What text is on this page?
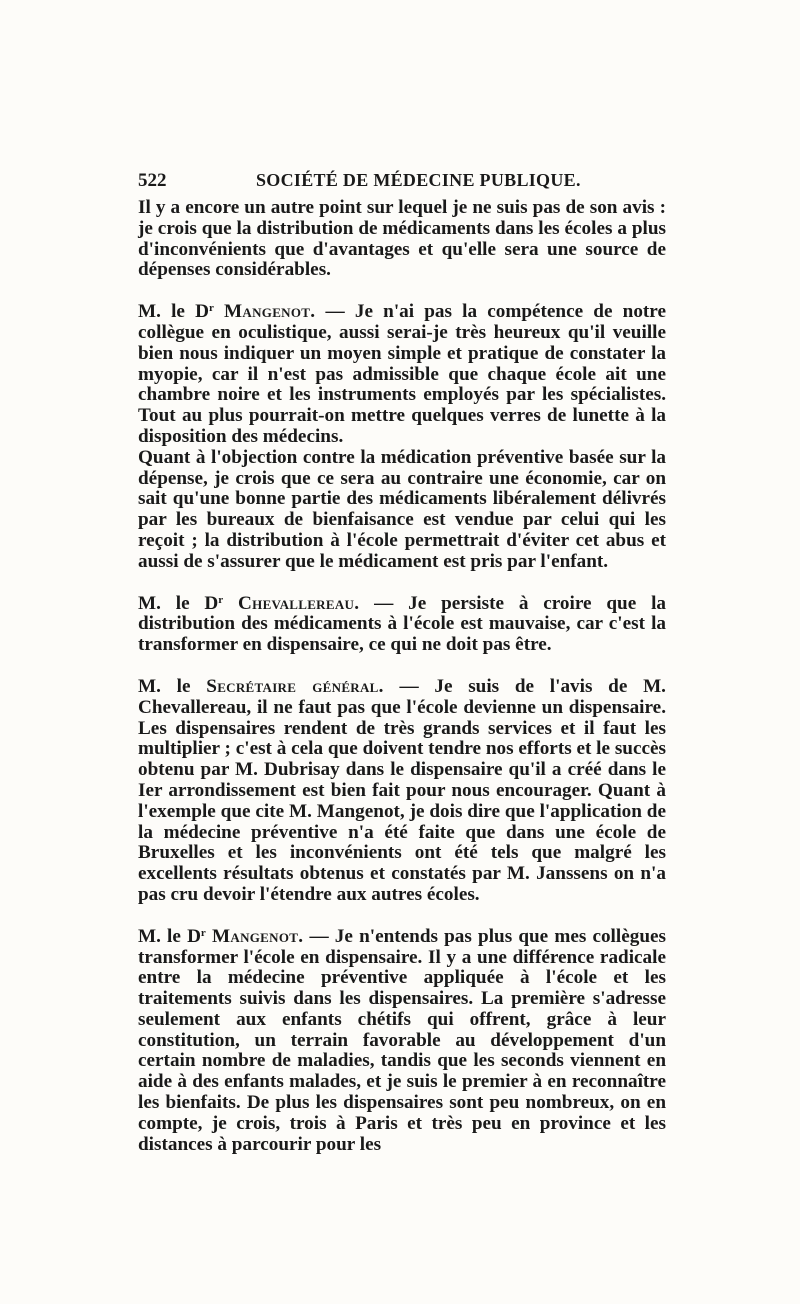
522	SOCIÉTÉ DE MÉDECINE PUBLIQUE.

Il y a encore un autre point sur lequel je ne suis pas de son avis : je crois que la distribution de médicaments dans les écoles a plus d'inconvénients que d'avantages et qu'elle sera une source de dépenses considérables.

M. le $D^r$ Mangenot. — Je n'ai pas la compétence de notre collègue en oculistique, aussi serai-je très heureux qu'il veuille bien nous indiquer un moyen simple et pratique de constater la myopie, car il n'est pas admissible que chaque école ait une chambre noire et les instruments employés par les spécialistes. Tout au plus pourrait-on mettre quelques verres de lunette à la disposition des médecins.

Quant à l'objection contre la médication préventive basée sur la dépense, je crois que ce sera au contraire une économie, car on sait qu'une bonne partie des médicaments libéralement délivrés par les bureaux de bienfaisance est vendue par celui qui les reçoit ; la distribution à l'école permettrait d'éviter cet abus et aussi de s'assurer que le médicament est pris par l'enfant.

M. le $D^r$ Chevallereau. — Je persiste à croire que la distribution des médicaments à l'école est mauvaise, car c'est la transformer en dispensaire, ce qui ne doit pas être.

M. le Secrétaire général. — Je suis de l'avis de M. Chevallereau, il ne faut pas que l'école devienne un dispensaire. Les dispensaires rendent de très grands services et il faut les multiplier ; c'est à cela que doivent tendre nos efforts et le succès obtenu par M. Dubrisay dans le dispensaire qu'il a créé dans le Ier arrondissement est bien fait pour nous encourager. Quant à l'exemple que cite M. Mangenot, je dois dire que l'application de la médecine préventive n'a été faite que dans une école de Bruxelles et les inconvénients ont été tels que malgré les excellents résultats obtenus et constatés par M. Janssens on n'a pas cru devoir l'étendre aux autres écoles.

M. le $D^r$ Mangenot. — Je n'entends pas plus que mes collègues transformer l'école en dispensaire. Il y a une différence radicale entre la médecine préventive appliquée à l'école et les traitements suivis dans les dispensaires. La première s'adresse seulement aux enfants chétifs qui offrent, grâce à leur constitution, un terrain favorable au développement d'un certain nombre de maladies, tandis que les seconds viennent en aide à des enfants malades, et je suis le premier à en reconnaître les bienfaits. De plus les dispensaires sont peu nombreux, on en compte, je crois, trois à Paris et très peu en province et les distances à parcourir pour les
